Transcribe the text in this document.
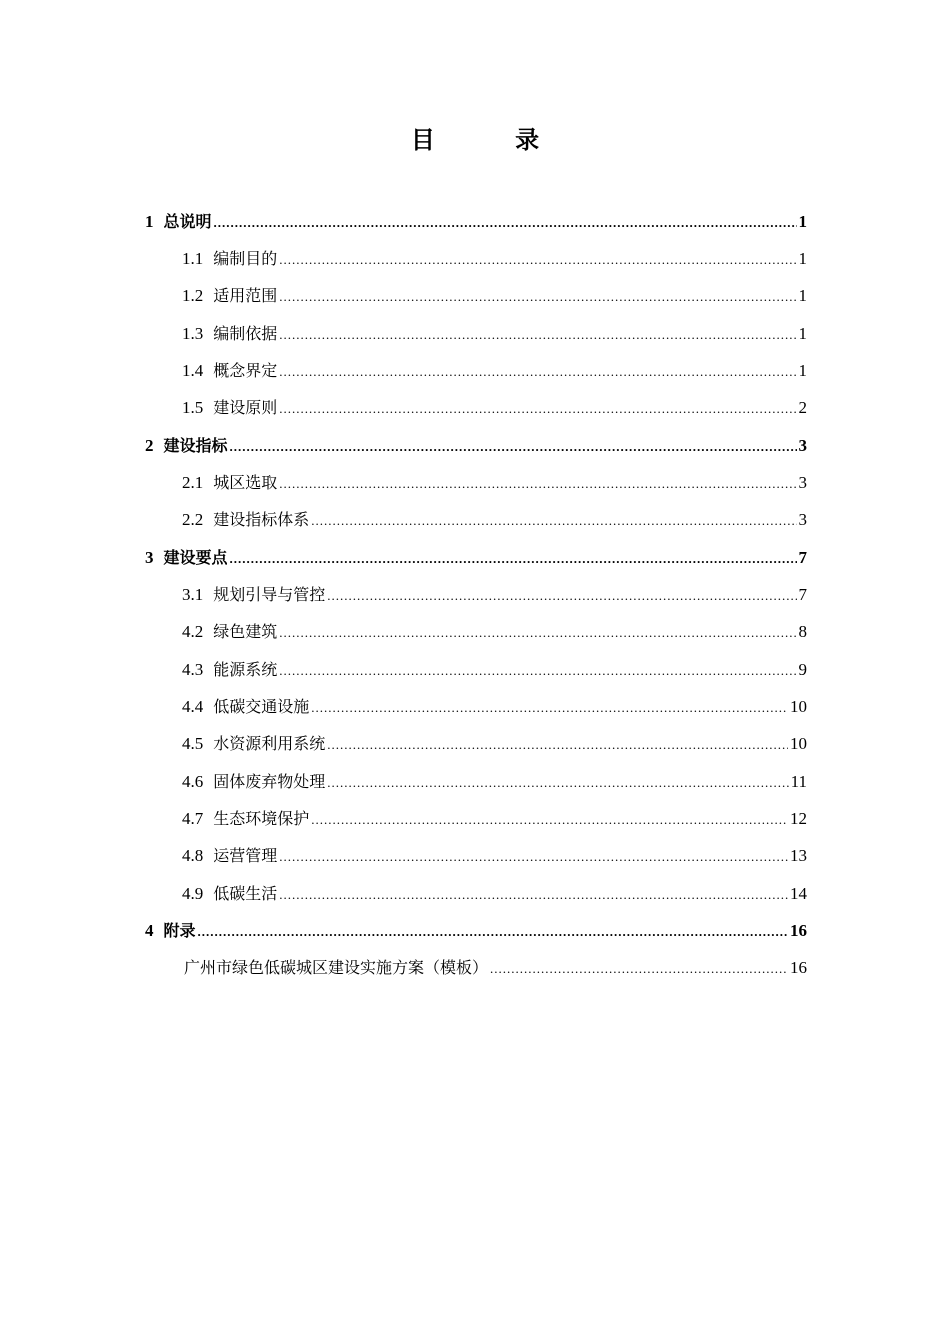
目 录
1 总说明 .....	1
1.1 编制目的 .....	1
1.2 适用范围 .....	1
1.3 编制依据 .....	1
1.4 概念界定 .....	1
1.5 建设原则 .....	2
2 建设指标 .....	3
2.1 城区选取 .....	3
2.2 建设指标体系 .....	3
3 建设要点 .....	7
3.1 规划引导与管控 .....	7
4.2 绿色建筑 .....	8
4.3 能源系统 .....	9
4.4 低碳交通设施 .....	10
4.5 水资源利用系统 .....	10
4.6 固体废弃物处理 .....	11
4.7 生态环境保护 .....	12
4.8 运营管理 .....	13
4.9 低碳生活 .....	14
4 附录 .....	16
广州市绿色低碳城区建设实施方案（模板） .....	16
